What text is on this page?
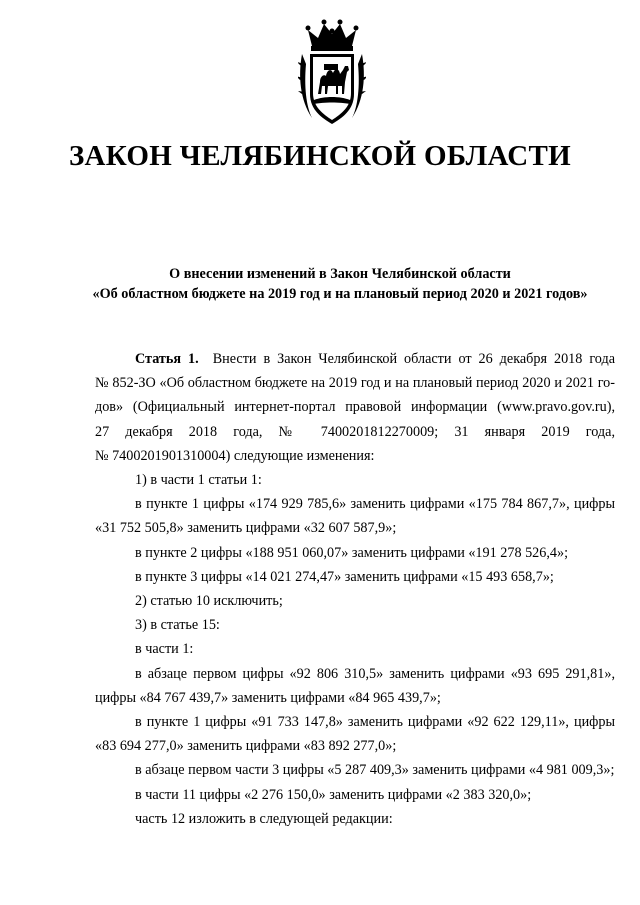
ЗАКОН ЧЕЛЯБИНСКОЙ ОБЛАСТИ
О внесении изменений в Закон Челябинской области
«Об областном бюджете на 2019 год и на плановый период 2020 и 2021 годов»

Статья 1. Внести в Закон Челябинской области от 26 декабря 2018 года
№ 852-ЗО «Об областном бюджете на 2019 год и на плановый период 2020 и 2021 го-
дов» (Официальный интернет-портал правовой информации (www.pravo.gov.ru),
27 декабря 2018 года, № 7400201812270009; 31 января 2019 года,
№ 7400201901310004) следующие изменения:

1) в части 1 статьи 1:

в пункте 1 цифры «174 929 785,6» заменить цифрами «175 784 867,7», цифры
«31 752 505,8» заменить цифрами «32 607 587,9»;

в пункте 2 цифры «188 951 060,07» заменить цифрами «191 278 526,4»;

в пункте 3 цифры «14 021 274,47» заменить цифрами «15 493 658,7»;

2) статью 10 исключить;

3) в статье 15:

в части 1:

в абзаце первом цифры «92 806 310,5» заменить цифрами «93 695 291,81»,
цифры «84 767 439,7» заменить цифрами «84 965 439,7»;

в пункте 1 цифры «91 733 147,8» заменить цифрами «92 622 129,11», цифры
«83 694 277,0» заменить цифрами «83 892 277,0»;

в абзаце первом части 3 цифры «5 287 409,3» заменить цифрами «4 981 009,3»;

в части 11 цифры «2 276 150,0» заменить цифрами «2 383 320,0»;

часть 12 изложить в следующей редакции:
